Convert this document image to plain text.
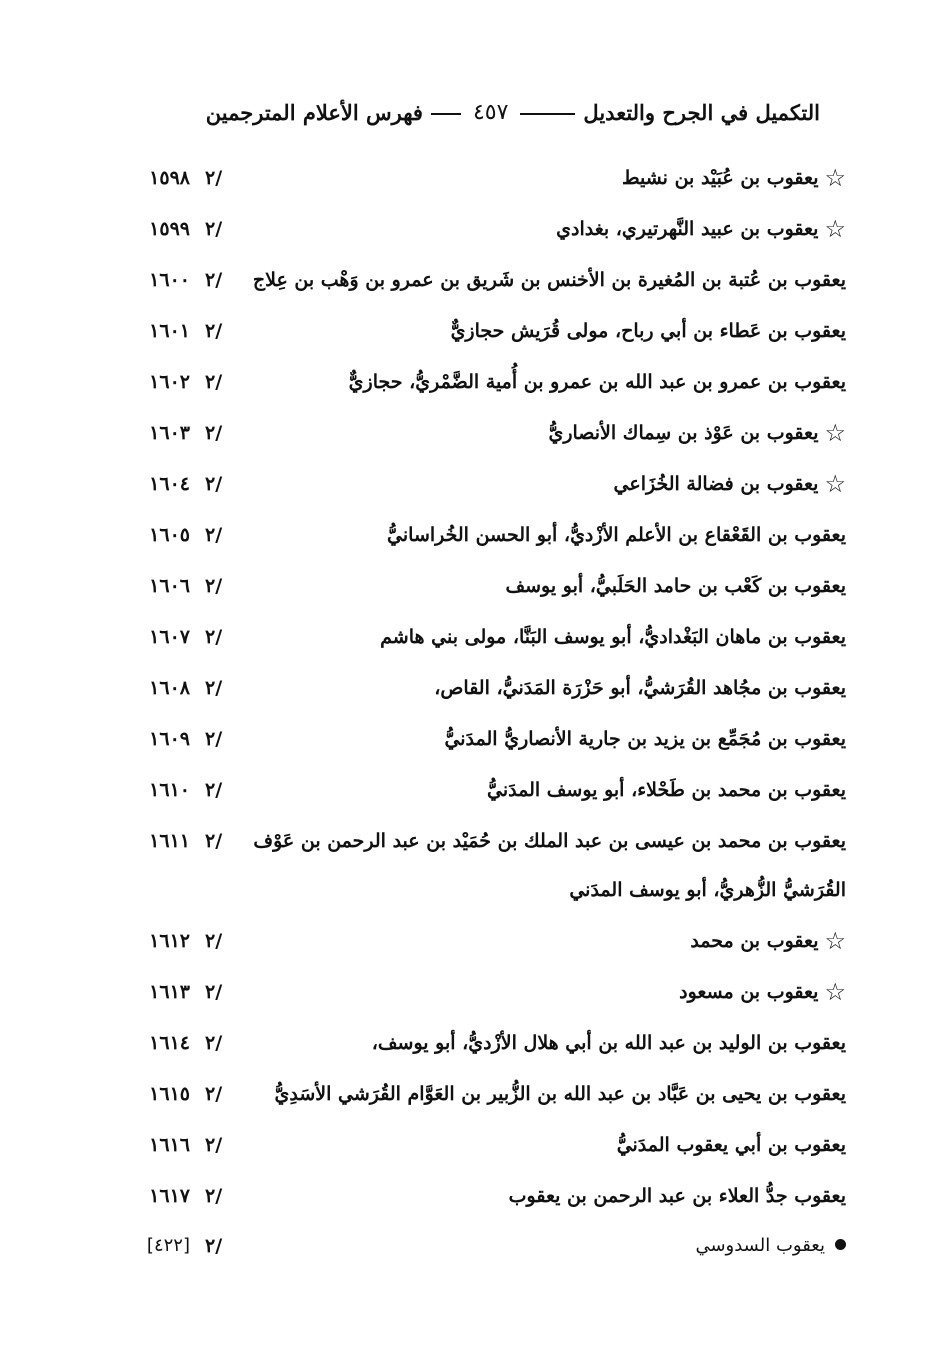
التكميل في الجرح والتعديل
٤٥٧
فهرس الأعلام المترجمين
☆يعقوب بن عُبَيْد بن نشيط
٢/
١٥٩٨
☆يعقوب بن عبيد النَّهرتيري، بغدادي
٢/
١٥٩٩
يعقوب بن عُتبة بن المُغيرة بن الأخنس بن شَريق بن عمرو بن وَهْب بن عِلاج
٢/
١٦٠٠
يعقوب بن عَطاء بن أبي رباح، مولى قُرَيش حجازيٌّ
٢/
١٦٠١
يعقوب بن عمرو بن عبد الله بن عمرو بن أُمية الضَّمْريُّ، حجازيٌّ
٢/
١٦٠٢
☆يعقوب بن عَوْذ بن سِماك الأنصاريُّ
٢/
١٦٠٣
☆يعقوب بن فضالة الخُزَاعي
٢/
١٦٠٤
يعقوب بن القَعْقاع بن الأعلم الأزْديُّ، أبو الحسن الخُراسانيُّ
٢/
١٦٠٥
يعقوب بن كَعْب بن حامد الحَلَبيُّ، أبو يوسف
٢/
١٦٠٦
يعقوب بن ماهان البَغْداديُّ، أبو يوسف البَنَّا، مولى بني هاشم
٢/
١٦٠٧
يعقوب بن مجُاهد القُرَشيُّ، أبو حَزْرَة المَدَنيُّ، القاص،
٢/
١٦٠٨
يعقوب بن مُجَمِّع بن يزيد بن جارية الأنصاريُّ المدَنيُّ
٢/
١٦٠٩
يعقوب بن محمد بن طَحْلاء، أبو يوسف المدَنيُّ
٢/
١٦١٠
يعقوب بن محمد بن عيسى بن عبد الملك بن حُمَيْد بن عبد الرحمن بن عَوْف
٢/
١٦١١
القُرَشيُّ الزُّهريُّ، أبو يوسف المدَني
☆يعقوب بن محمد
٢/
١٦١٢
☆يعقوب بن مسعود
٢/
١٦١٣
يعقوب بن الوليد بن عبد الله بن أبي هلال الأزْديُّ، أبو يوسف،
٢/
١٦١٤
يعقوب بن يحيى بن عَبَّاد بن عبد الله بن الزُّبير بن العَوَّام القُرَشي الأسَدِيُّ
٢/
١٦١٥
يعقوب بن أبي يعقوب المدَنيُّ
٢/
١٦١٦
يعقوب جدُّ العلاء بن عبد الرحمن بن يعقوب
٢/
١٦١٧
يعقوب السدوسي
٢/
[٤٢٢]
